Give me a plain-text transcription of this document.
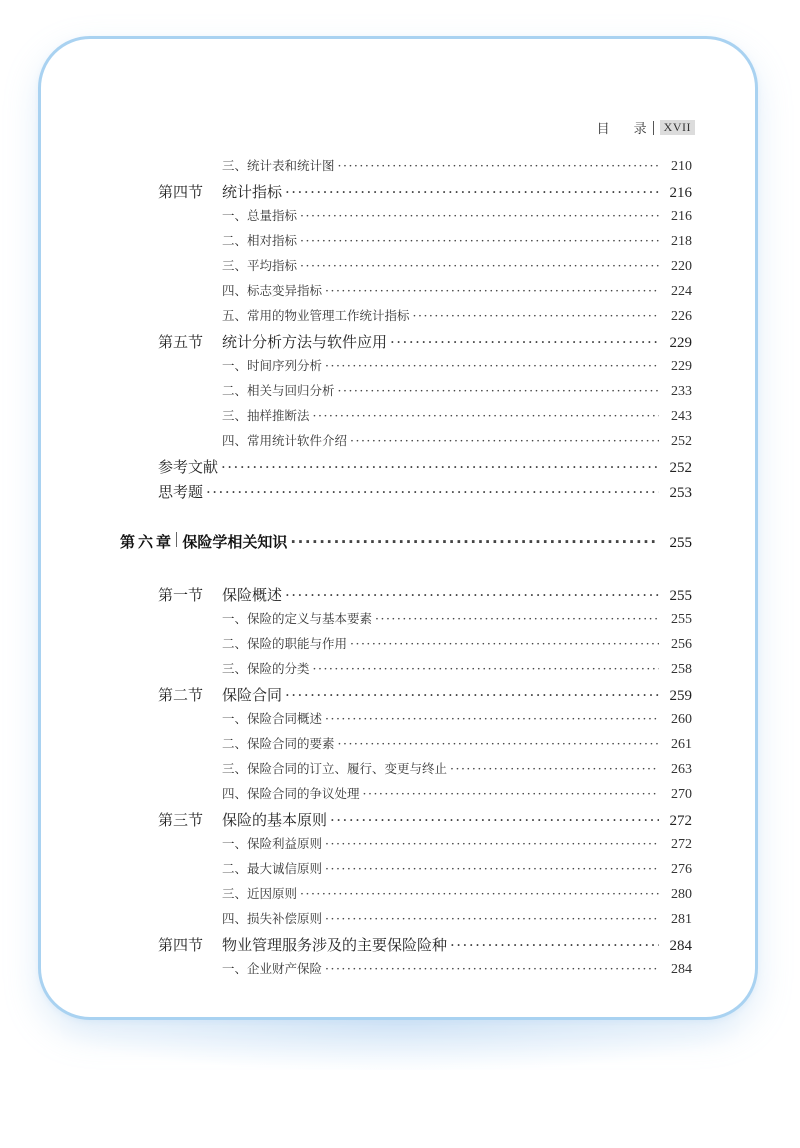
目 录	XVII
三、统计表和统计图 ·····	210
第四节	统计指标 ·····	216
一、总量指标 ·····	216
二、相对指标 ·····	218
三、平均指标 ·····	220
四、标志变异指标 ·····	224
五、常用的物业管理工作统计指标 ·····	226
第五节	统计分析方法与软件应用 ·····	229
一、时间序列分析 ·····	229
二、相关与回归分析 ·····	233
三、抽样推断法 ·····	243
四、常用统计软件介绍 ·····	252
参考文献 ·····	252
思考题 ·····	253
第六章 保险学相关知识 ·····	255
第一节	保险概述 ·····	255
一、保险的定义与基本要素 ·····	255
二、保险的职能与作用 ·····	256
三、保险的分类 ·····	258
第二节	保险合同 ·····	259
一、保险合同概述 ·····	260
二、保险合同的要素 ·····	261
三、保险合同的订立、履行、变更与终止 ·····	263
四、保险合同的争议处理 ·····	270
第三节	保险的基本原则 ·····	272
一、保险利益原则 ·····	272
二、最大诚信原则 ·····	276
三、近因原则 ·····	280
四、损失补偿原则 ·····	281
第四节	物业管理服务涉及的主要保险险种 ·····	284
一、企业财产保险 ·····	284
